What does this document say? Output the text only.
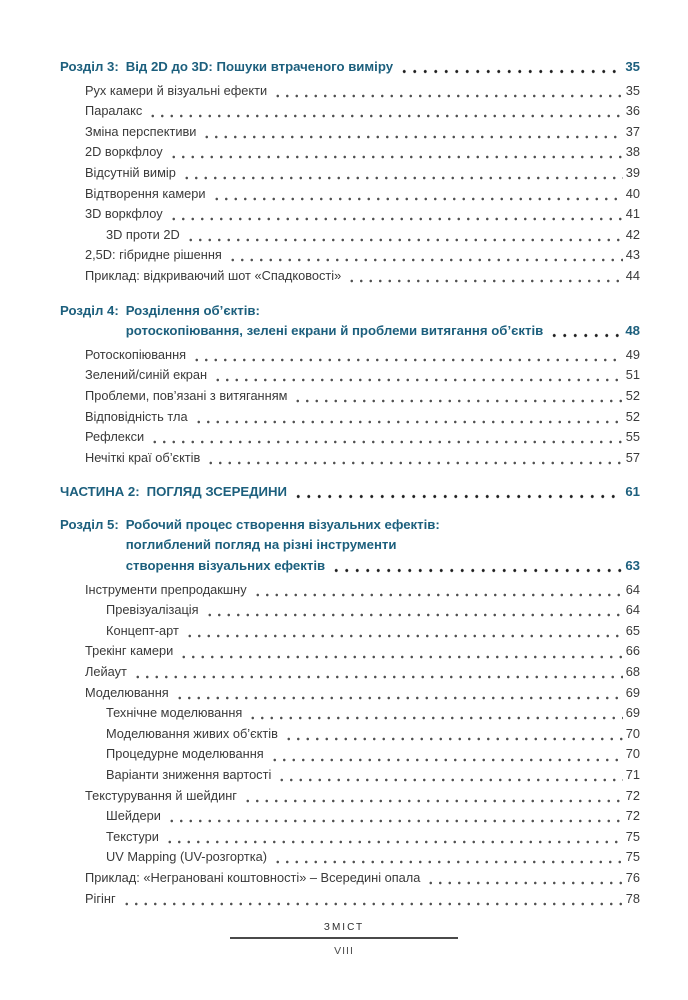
Розділ 3: Від 2D до 3D: Пошуки втраченого виміру	35
Рух камери й візуальні ефекти	35
Паралакс	36
Зміна перспективи	37
2D воркфлоу	38
Відсутній вимір	39
Відтворення камери	40
3D воркфлоу	41
3D проти 2D	42
2,5D: гібридне рішення	43
Приклад: відкриваючий шот «Спадковості»	44
Розділ 4: Розділення об’єктів:
ротоскопіювання, зелені екрани й проблеми витягання об’єктів	48
Ротоскопіювання	49
Зелений/синій екран	51
Проблеми, пов’язані з витяганням	52
Відповідність тла	52
Рефлекси	55
Нечіткі краї об’єктів	57
ЧАСТИНА 2: ПОГЛЯД ЗСЕРЕДИНИ	61
Розділ 5: Робочий процес створення візуальних ефектів:
поглиблений погляд на різні інструменти
створення візуальних ефектів	63
Інструменти препродакшну	64
Превізуалізація	64
Концепт-арт	65
Трекінг камери	66
Лейаут	68
Моделювання	69
Технічне моделювання	69
Моделювання живих об’єктів	70
Процедурне моделювання	70
Варіанти зниження вартості	71
Текстурування й шейдинг	72
Шейдери	72
Текстури	75
UV Mapping (UV-розгортка)	75
Приклад: «Неграновані коштовності» – Всередині опала	76
Рігінг	78
ЗМІСТ
VIII
